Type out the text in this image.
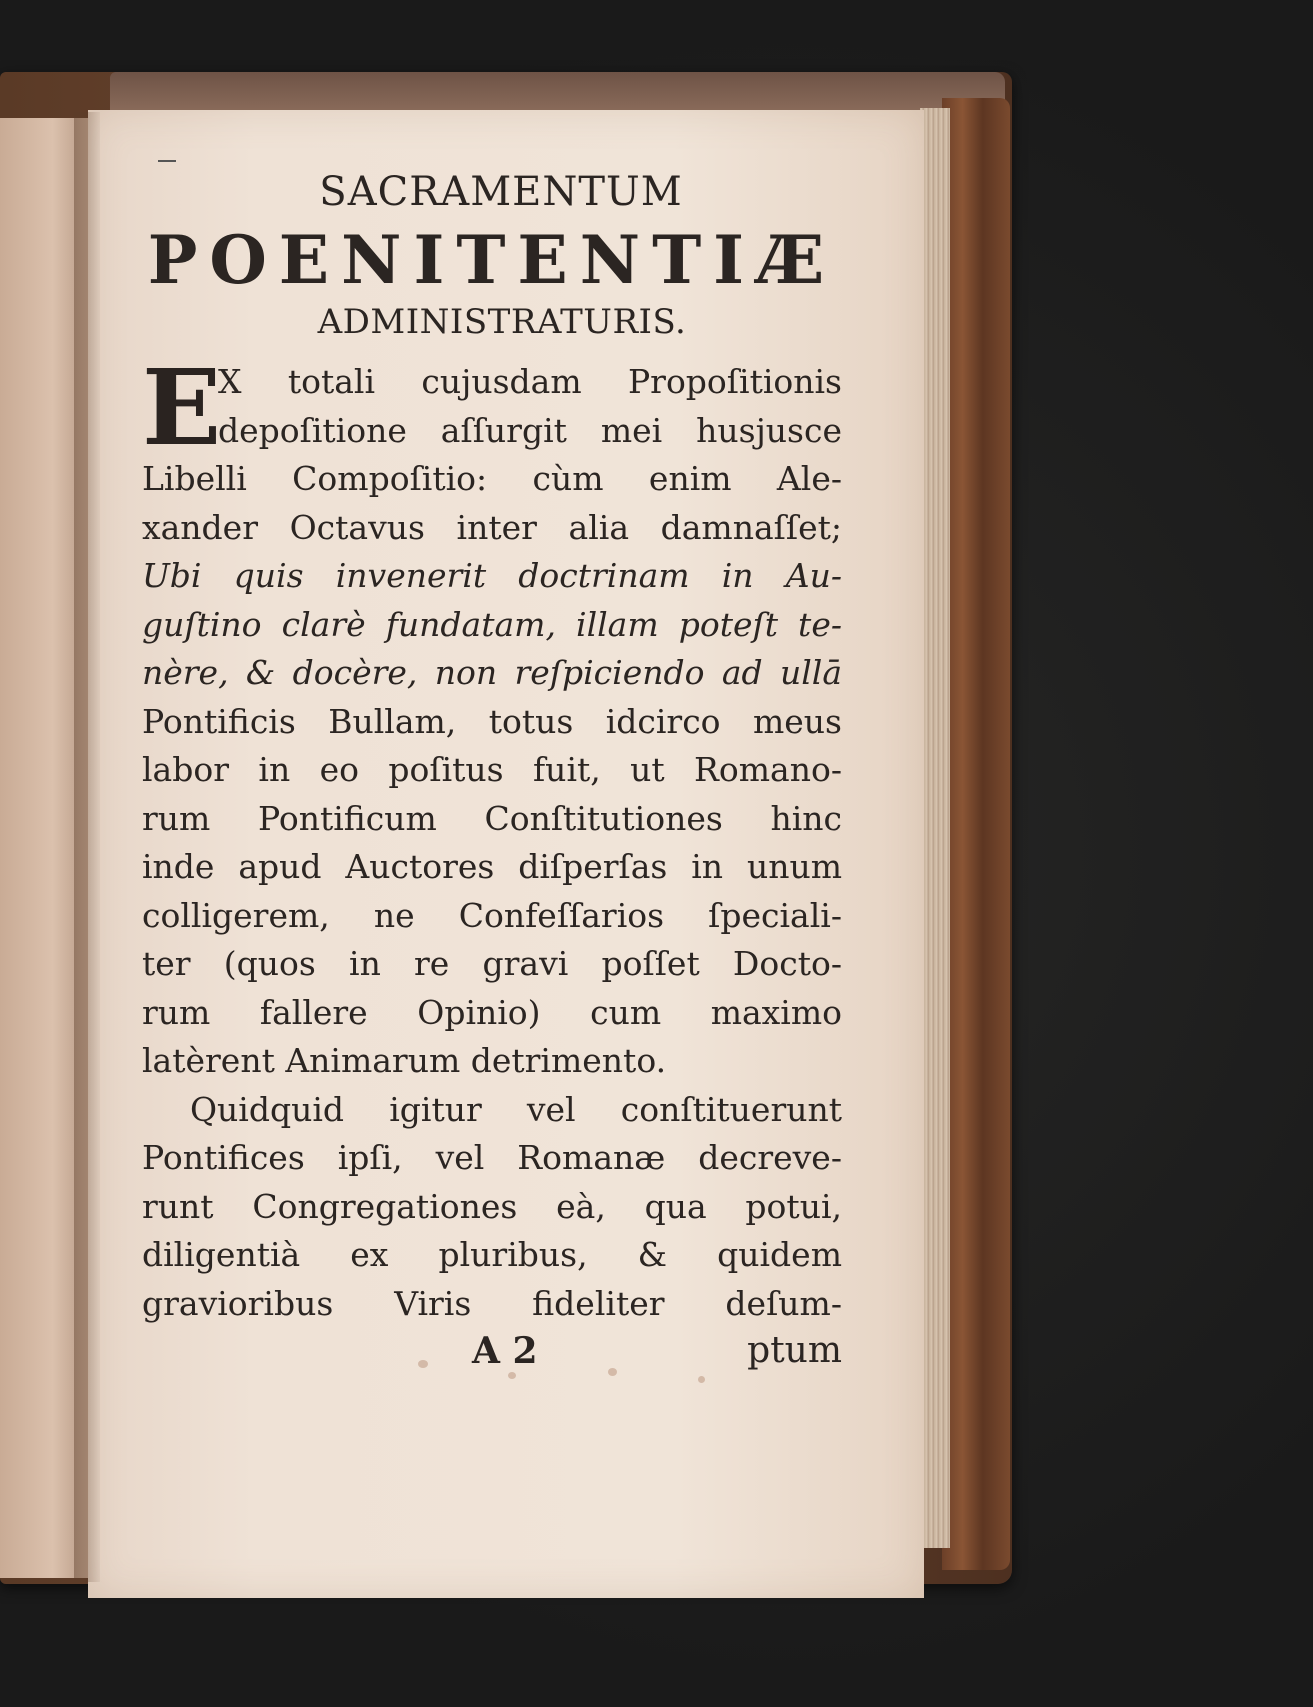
SACRAMENTUM
POENITENTIÆ
ADMINISTRATURIS.
E
X totali cujusdam Propoſitionis
depoſitione aſſurgit mei husjusce
Libelli Compoſitio: cùm enim Ale-
xander Octavus inter alia damnaſſet;
Ubi quis invenerit doctrinam in Au-
guſtino clarè fundatam, illam poteſt te-
nère, & docère, non reſpiciendo ad ullā
Pontificis Bullam, totus idcirco meus
labor in eo poſitus fuit, ut Romano-
rum Pontificum Conſtitutiones hinc
inde apud Auctores diſperſas in unum
colligerem, ne Confeſſarios ſpeciali-
ter (quos in re gravi poſſet Docto-
rum fallere Opinio) cum maximo
latèrent Animarum detrimento.
Quidquid igitur vel conſtituerunt
Pontifices ipſi, vel Romanæ decreve-
runt Congregationes eà, qua potui,
diligentià ex pluribus, & quidem
gravioribus Viris fideliter deſum-
A 2	ptum
